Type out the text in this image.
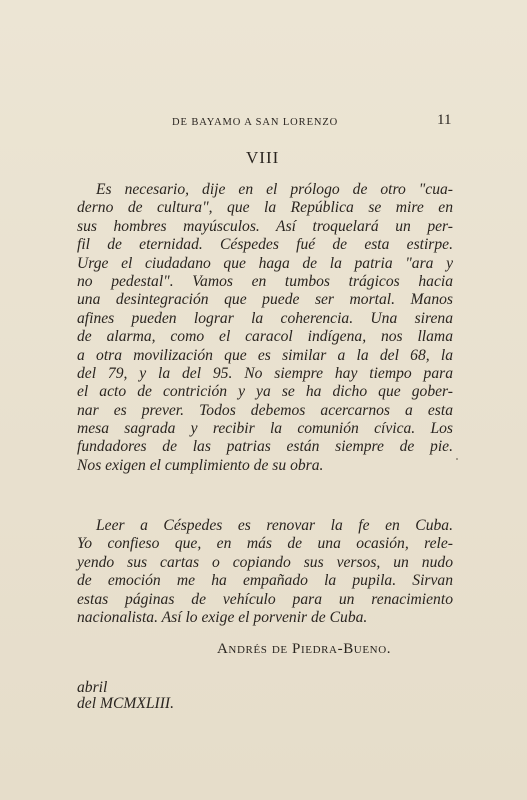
DE BAYAMO A SAN LORENZO	11
VIII
Es necesario, dije en el prólogo de otro "cua-
derno de cultura", que la República se mire en
sus hombres mayúsculos. Así troquelará un per-
fil de eternidad. Céspedes fué de esta estirpe.
Urge el ciudadano que haga de la patria "ara y
no pedestal". Vamos en tumbos trágicos hacia
una desintegración que puede ser mortal. Manos
afines pueden lograr la coherencia. Una sirena
de alarma, como el caracol indígena, nos llama
a otra movilización que es similar a la del 68, la
del 79, y la del 95. No siempre hay tiempo para
el acto de contrición y ya se ha dicho que gober-
nar es prever. Todos debemos acercarnos a esta
mesa sagrada y recibir la comunión cívica. Los
fundadores de las patrias están siempre de pie.
Nos exigen el cumplimiento de su obra.
Leer a Céspedes es renovar la fe en Cuba.
Yo confieso que, en más de una ocasión, rele-
yendo sus cartas o copiando sus versos, un nudo
de emoción me ha empañado la pupila. Sirvan
estas páginas de vehículo para un renacimiento
nacionalista. Así lo exige el porvenir de Cuba.
Andrés de Piedra-Bueno.
abril
del MCMXLIII.
